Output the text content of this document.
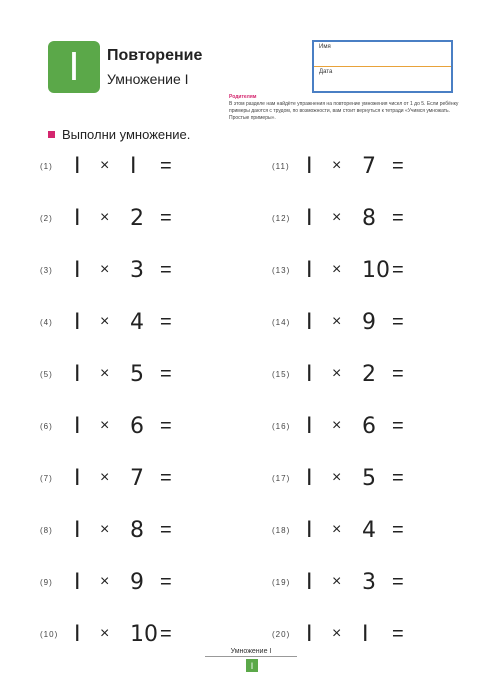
I	Повторение
Умножение I
Имя
Дата
Родителям
В этом разделе нам найдёте упражнения на повторение умножения чисел от 1 до 5. Если ребёнку примеры даются с трудом, по возможности, вам стоит вернуться к тетради «Учимся умножать. Простые примеры».
Выполни умножение.
(1) I	× I	=
(2) I	× 2 =
(3) I	× 3 =
(4) I	× 4 =
(5) I	× 5 =
(6) I	× 6 =
(7) I	× 7 =
(8) I	× 8 =
(9) I	× 9 =
(10) I	× 10 =
(11) I	× 7 =
(12) I	× 8 =
(13) I	× 10 =
(14) I	× 9 =
(15) I	× 2 =
(16) I	× 6 =
(17) I	× 5 =
(18) I	× 4 =
(19) I	× 3 =
(20) I	× I	=
Умножение I
I
